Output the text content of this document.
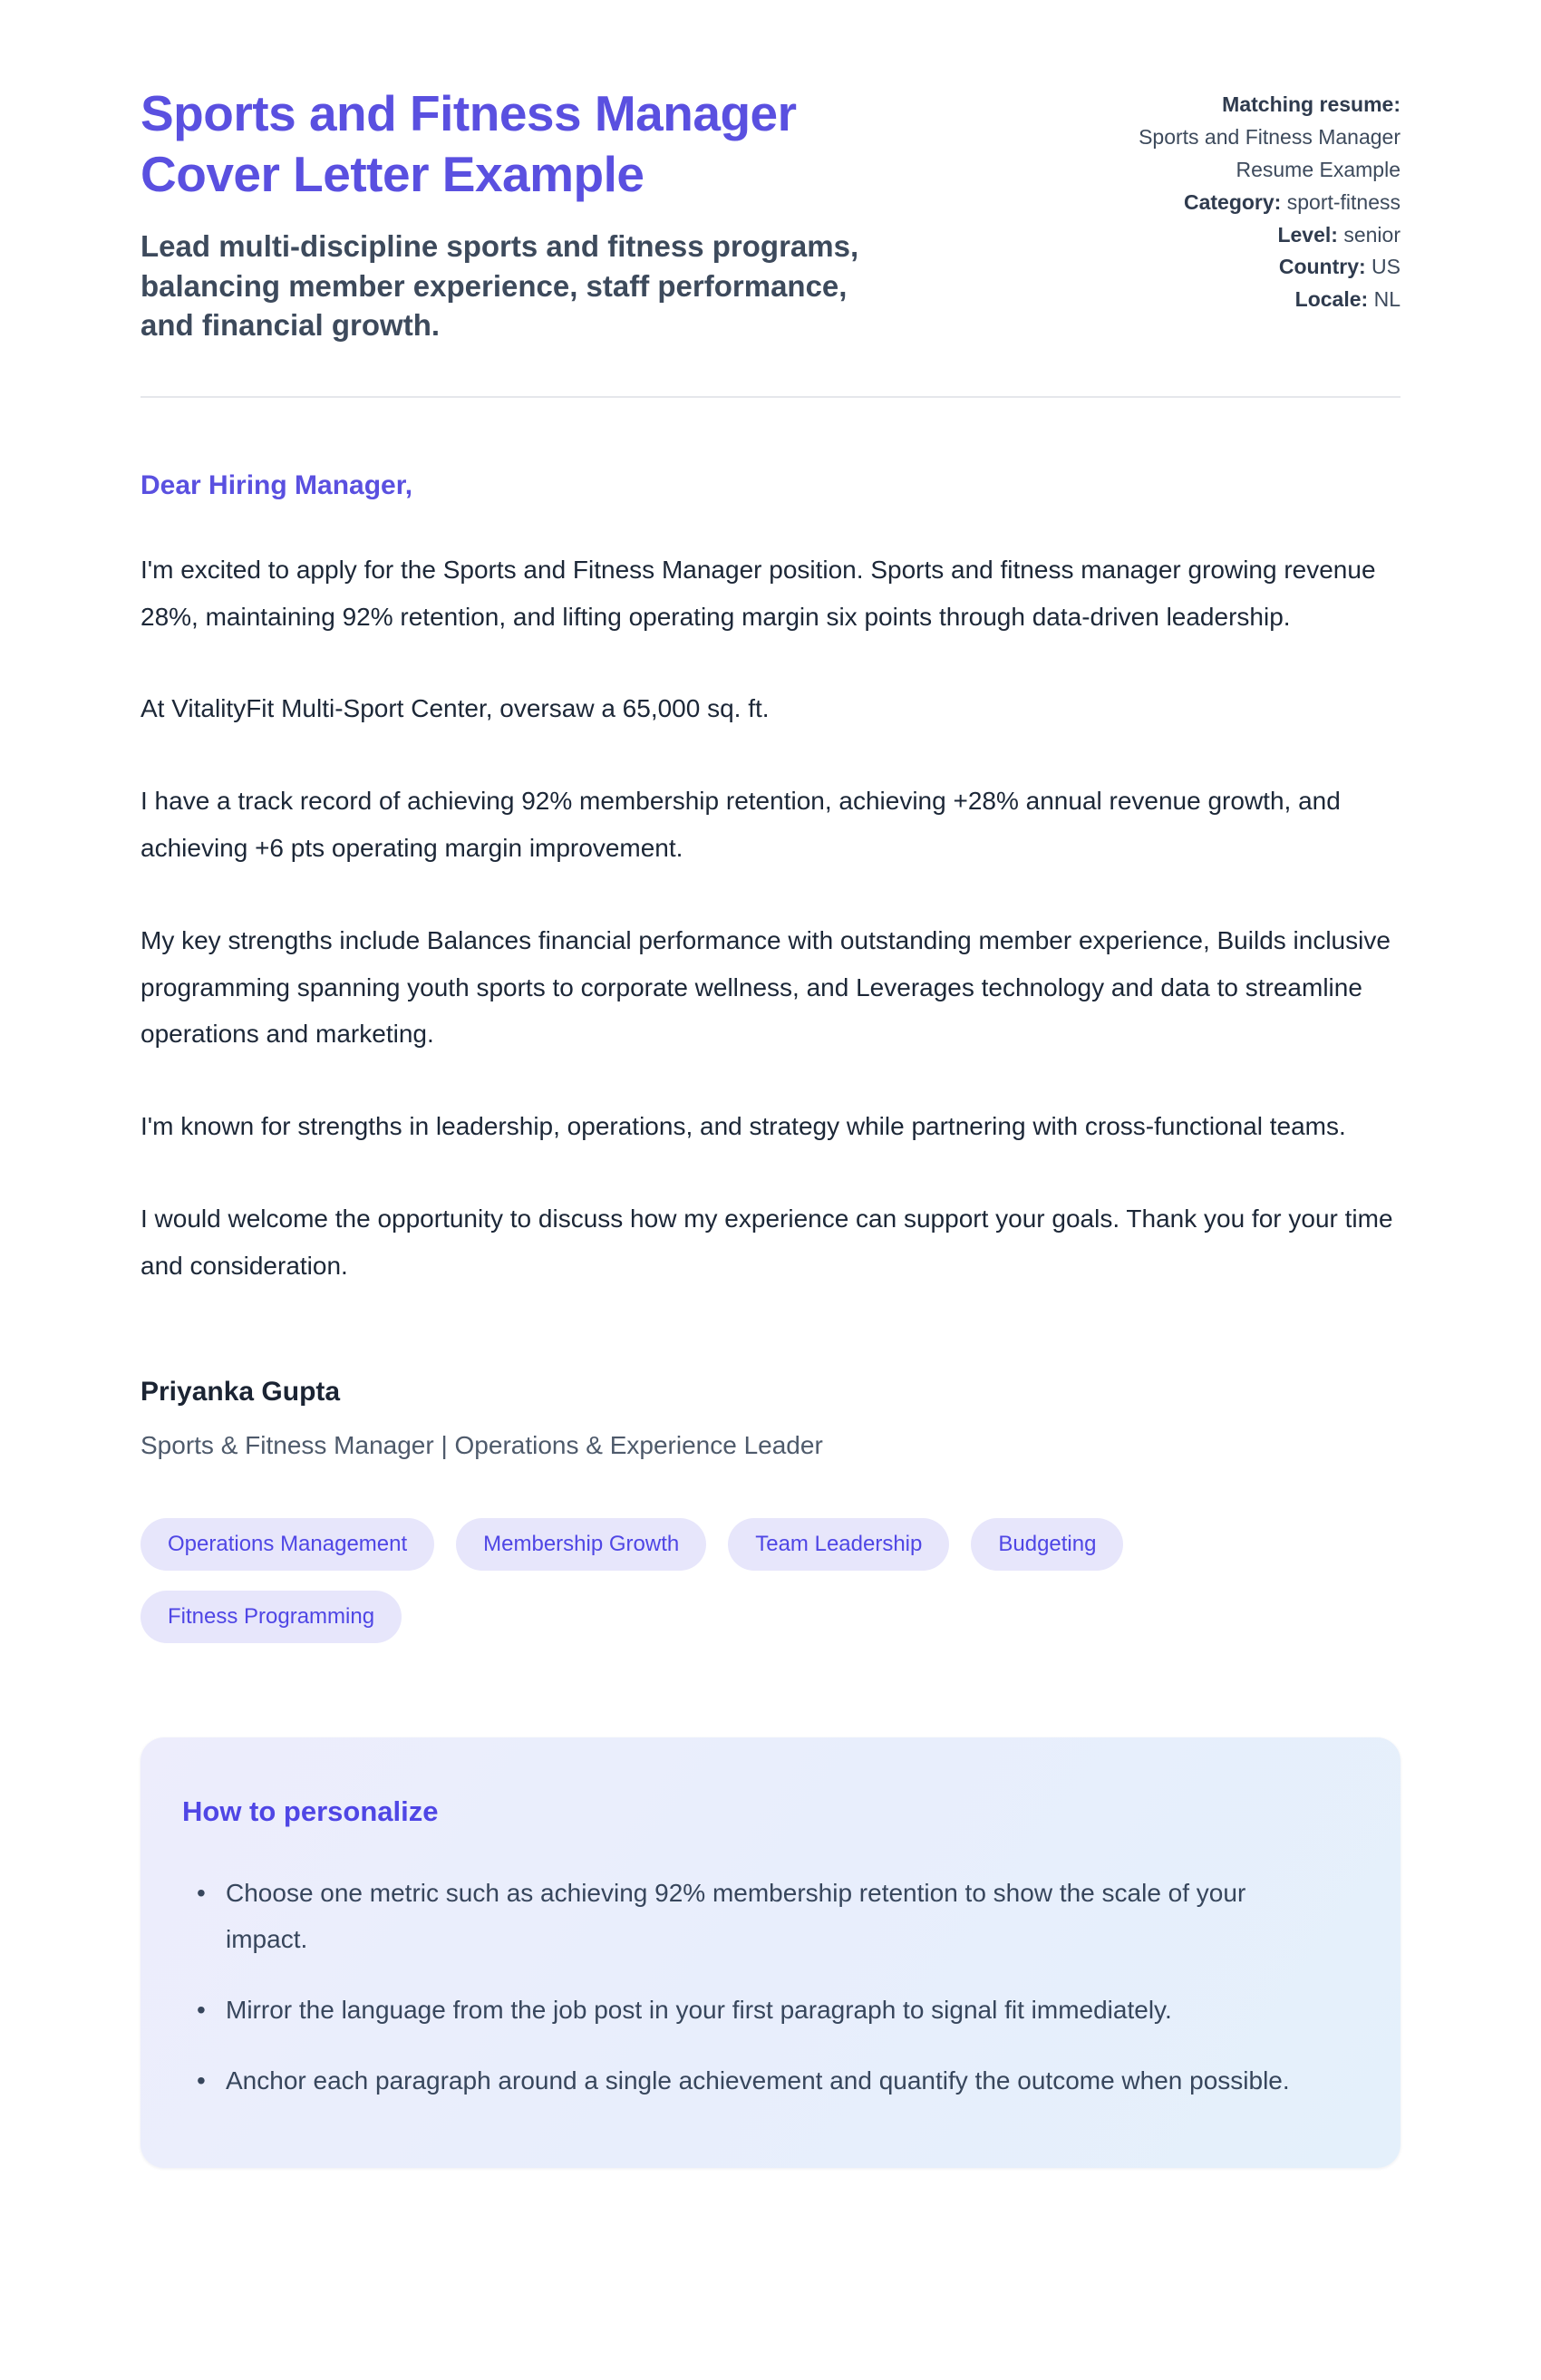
Sports and Fitness Manager Cover Letter Example

Lead multi-discipline sports and fitness programs, balancing member experience, staff performance, and financial growth.

Matching resume:
Sports and Fitness Manager Resume Example
Category: sport-fitness
Level: senior
Country: US
Locale: NL
Dear Hiring Manager,

I'm excited to apply for the Sports and Fitness Manager position. Sports and fitness manager growing revenue 28%, maintaining 92% retention, and lifting operating margin six points through data-driven leadership.

At VitalityFit Multi-Sport Center, oversaw a 65,000 sq. ft.

I have a track record of achieving 92% membership retention, achieving +28% annual revenue growth, and achieving +6 pts operating margin improvement.

My key strengths include Balances financial performance with outstanding member experience, Builds inclusive programming spanning youth sports to corporate wellness, and Leverages technology and data to streamline operations and marketing.

I'm known for strengths in leadership, operations, and strategy while partnering with cross-functional teams.

I would welcome the opportunity to discuss how my experience can support your goals. Thank you for your time and consideration.

Priyanka Gupta

Sports & Fitness Manager | Operations & Experience Leader

Operations Management	Membership Growth	Team Leadership	Budgeting
Fitness Programming
How to personalize
• Choose one metric such as achieving 92% membership retention to show the scale of your impact.
• Mirror the language from the job post in your first paragraph to signal fit immediately.
• Anchor each paragraph around a single achievement and quantify the outcome when possible.
